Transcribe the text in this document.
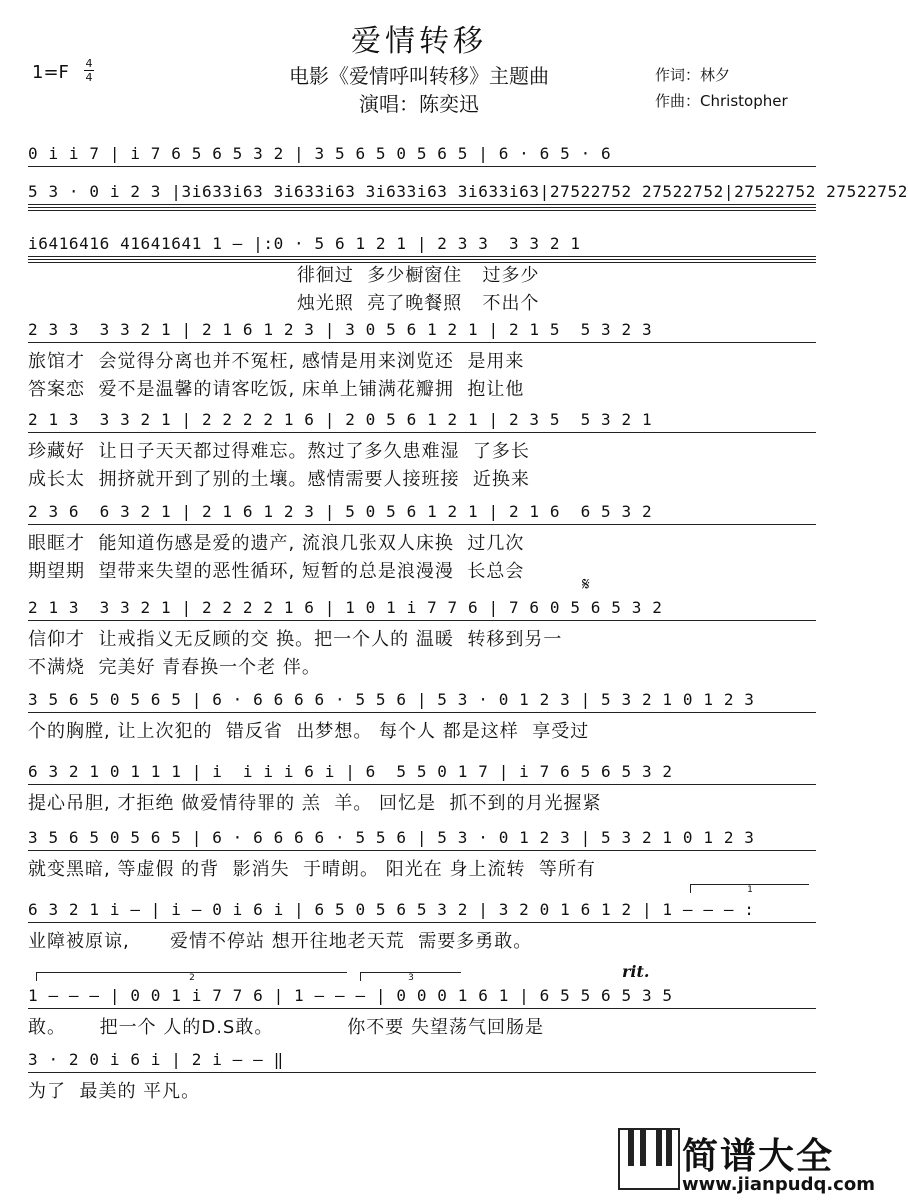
爱情转移
1=F 4
4	电影《爱情呼叫转移》主题曲
演唱：陈奕迅
作词：林夕
作曲：Christopher
0 i i 7 | i 7 6 5 6 5 3 2 | 3 5 6 5 0 5 6 5 | 6 · 6 5 · 6
5 3 · 0 i 2 3 |3i633i63 3i633i63 3i633i63 3i633i63|27522752 27522752|27522752 27522752
i6416416 41641641 1 – |:0 · 5 6 1 2 1 | 2 3 3  3 3 2 1
徘徊过  多少橱窗住   过多少
烛光照  亮了晚餐照   不出个
2 3 3  3 3 2 1 | 2 1 6 1 2 3 | 3 0 5 6 1 2 1 | 2 1 5  5 3 2 3
旅馆才  会觉得分离也并不冤枉, 感情是用来浏览还  是用来
答案恋  爱不是温馨的请客吃饭, 床单上铺满花瓣拥  抱让他
2 1 3  3 3 2 1 | 2 2 2 2 1 6 | 2 0 5 6 1 2 1 | 2 3 5  5 3 2 1
珍藏好  让日子天天都过得难忘。熬过了多久患难湿  了多长
成长太  拥挤就开到了别的土壤。感情需要人接班接  近换来
2 3 6  6 3 2 1 | 2 1 6 1 2 3 | 5 0 5 6 1 2 1 | 2 1 6  6 5 3 2
眼眶才  能知道伤感是爱的遗产, 流浪几张双人床换  过几次
期望期  望带来失望的恶性循环, 短暂的总是浪漫漫  长总会
2 1 3  3 3 2 1 | 2 2 2 2 1 6 | 1 0 1 i 7 7 6 | 7 6 0 5 6 5 3 2
信仰才  让戒指义无反顾的交 换。把一个人的 温暖  转移到另一
不满烧  完美好 青春换一个老 伴。
3 5 6 5 0 5 6 5 | 6 · 6 6 6 6 · 5 5 6 | 5 3 · 0 1 2 3 | 5 3 2 1 0 1 2 3
个的胸膛, 让上次犯的  错反省  出梦想。 每个人 都是这样  享受过
6 3 2 1 0 1 1 1 | i  i i i 6 i | 6  5 5 0 1 7 | i 7 6 5 6 5 3 2
提心吊胆, 才拒绝 做爱情待罪的 羔  羊。 回忆是  抓不到的月光握紧
3 5 6 5 0 5 6 5 | 6 · 6 6 6 6 · 5 5 6 | 5 3 · 0 1 2 3 | 5 3 2 1 0 1 2 3
就变黑暗, 等虚假 的背  影消失  于晴朗。 阳光在 身上流转  等所有
6 3 2 1 i – | i – 0 i 6 i | 6 5 0 5 6 5 3 2 | 3 2 0 1 6 1 2 | 1 – – – :
业障被原谅,      爱情不停站 想开往地老天荒  需要多勇敢。
1 – – – | 0 0 1 i 7 7 6 | 1 – – – | 0 0 0 1 6 1 | 6 5 5 6 5 3 5
敢。     把一个 人的D.S敢。           你不要 失望荡气回肠是
3 · 2 0 i 6 i | 2 i – – ‖
为了  最美的 平凡。
𝄋
rit.
1
2	3
简谱大全
www.jianpudq.com
